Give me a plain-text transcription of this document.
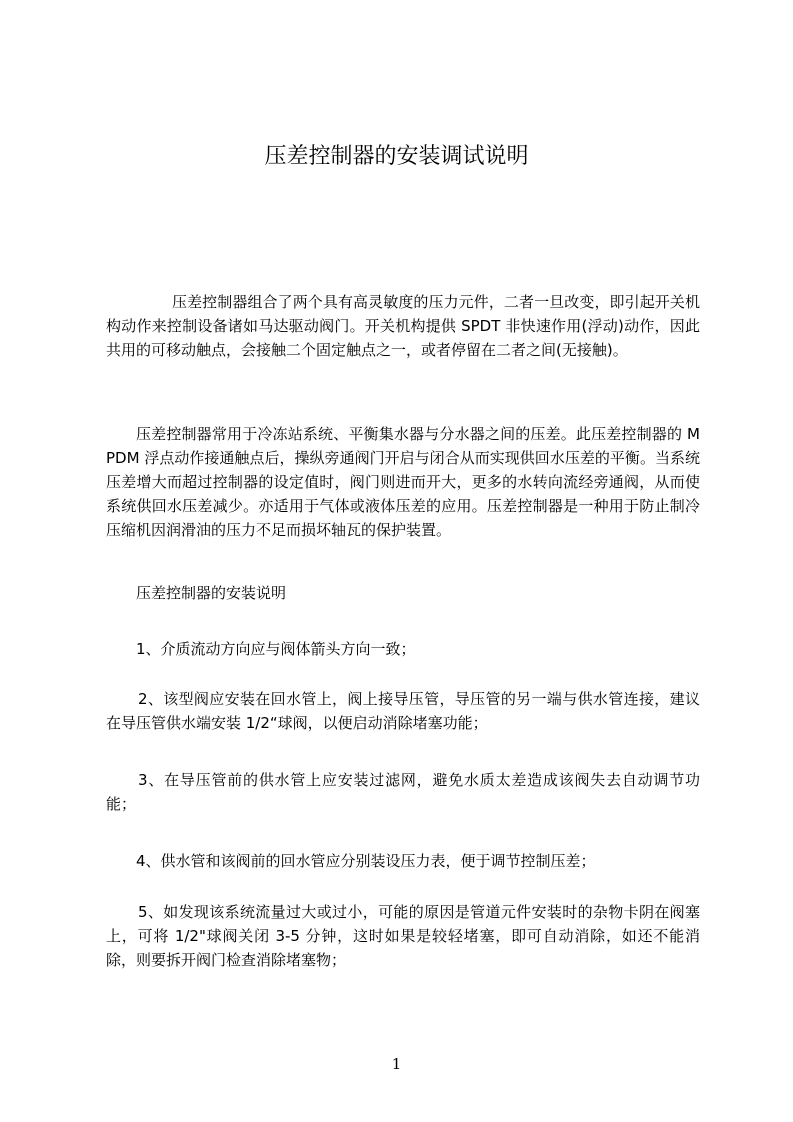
压差控制器的安装调试说明

压差控制器组合了两个具有高灵敏度的压力元件，二者一旦改变，即引起开关机构动作来控制设备诸如马达驱动阀门。开关机构提供 SPDT 非快速作用(浮动)动作，因此共用的可移动触点，会接触二个固定触点之一，或者停留在二者之间(无接触)。

压差控制器常用于冷冻站系统、平衡集水器与分水器之间的压差。此压差控制器的 MPDM 浮点动作接通触点后，操纵旁通阀门开启与闭合从而实现供回水压差的平衡。当系统压差增大而超过控制器的设定值时，阀门则进而开大，更多的水转向流经旁通阀，从而使系统供回水压差减少。亦适用于气体或液体压差的应用。压差控制器是一种用于防止制冷压缩机因润滑油的压力不足而损坏轴瓦的保护装置。

压差控制器的安装说明

1、介质流动方向应与阀体箭头方向一致；

2、该型阀应安装在回水管上，阀上接导压管，导压管的另一端与供水管连接，建议在导压管供水端安装 1/2“球阀，以便启动消除堵塞功能；

3、在导压管前的供水管上应安装过滤网，避免水质太差造成该阀失去自动调节功能；

4、供水管和该阀前的回水管应分别装设压力表，便于调节控制压差；

5、如发现该系统流量过大或过小，可能的原因是管道元件安装时的杂物卡阴在阀塞上，可将 1/2"球阀关闭 3-5 分钟，这时如果是较轻堵塞，即可自动消除，如还不能消除，则要拆开阀门检查消除堵塞物；

1
